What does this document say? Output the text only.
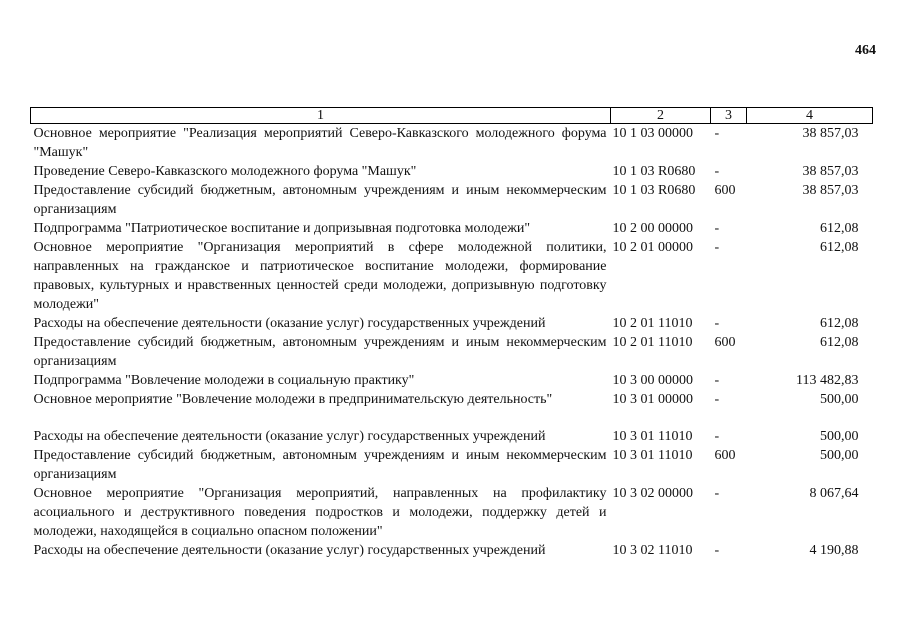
464
1	2	3	4
Основное мероприятие "Реализация мероприятий Северо-Кавказского молодежного форума "Машук"	10 1 03 00000	-	38 857,03
Проведение Северо-Кавказского молодежного форума "Машук"	10 1 03 R0680	-	38 857,03
Предоставление субсидий бюджетным, автономным учреждениям и иным некоммерческим организациям	10 1 03 R0680	600	38 857,03
Подпрограмма "Патриотическое воспитание и допризывная подготовка молодежи"	10 2 00 00000	-	612,08
Основное мероприятие "Организация мероприятий в сфере молодежной политики, направленных на гражданское и патриотическое воспитание молодежи, формирование правовых, культурных и нравственных ценностей среди молодежи, допризывную подготовку молодежи"	10 2 01 00000	-	612,08
Расходы на обеспечение деятельности (оказание услуг) государственных учреждений	10 2 01 11010	-	612,08
Предоставление субсидий бюджетным, автономным учреждениям и иным некоммерческим организациям	10 2 01 11010	600	612,08
Подпрограмма "Вовлечение молодежи в социальную практику"	10 3 00 00000	-	113 482,83
Основное мероприятие "Вовлечение молодежи в предпринимательскую деятельность"	10 3 01 00000	-	500,00

Расходы на обеспечение деятельности (оказание услуг) государственных учреждений	10 3 01 11010	-	500,00
Предоставление субсидий бюджетным, автономным учреждениям и иным некоммерческим организациям	10 3 01 11010	600	500,00
Основное мероприятие "Организация мероприятий, направленных на профилактику асоциального и деструктивного поведения подростков и молодежи, поддержку детей и молодежи, находящейся в социально опасном положении"	10 3 02 00000	-	8 067,64
Расходы на обеспечение деятельности (оказание услуг) государственных учреждений	10 3 02 11010	-	4 190,88
